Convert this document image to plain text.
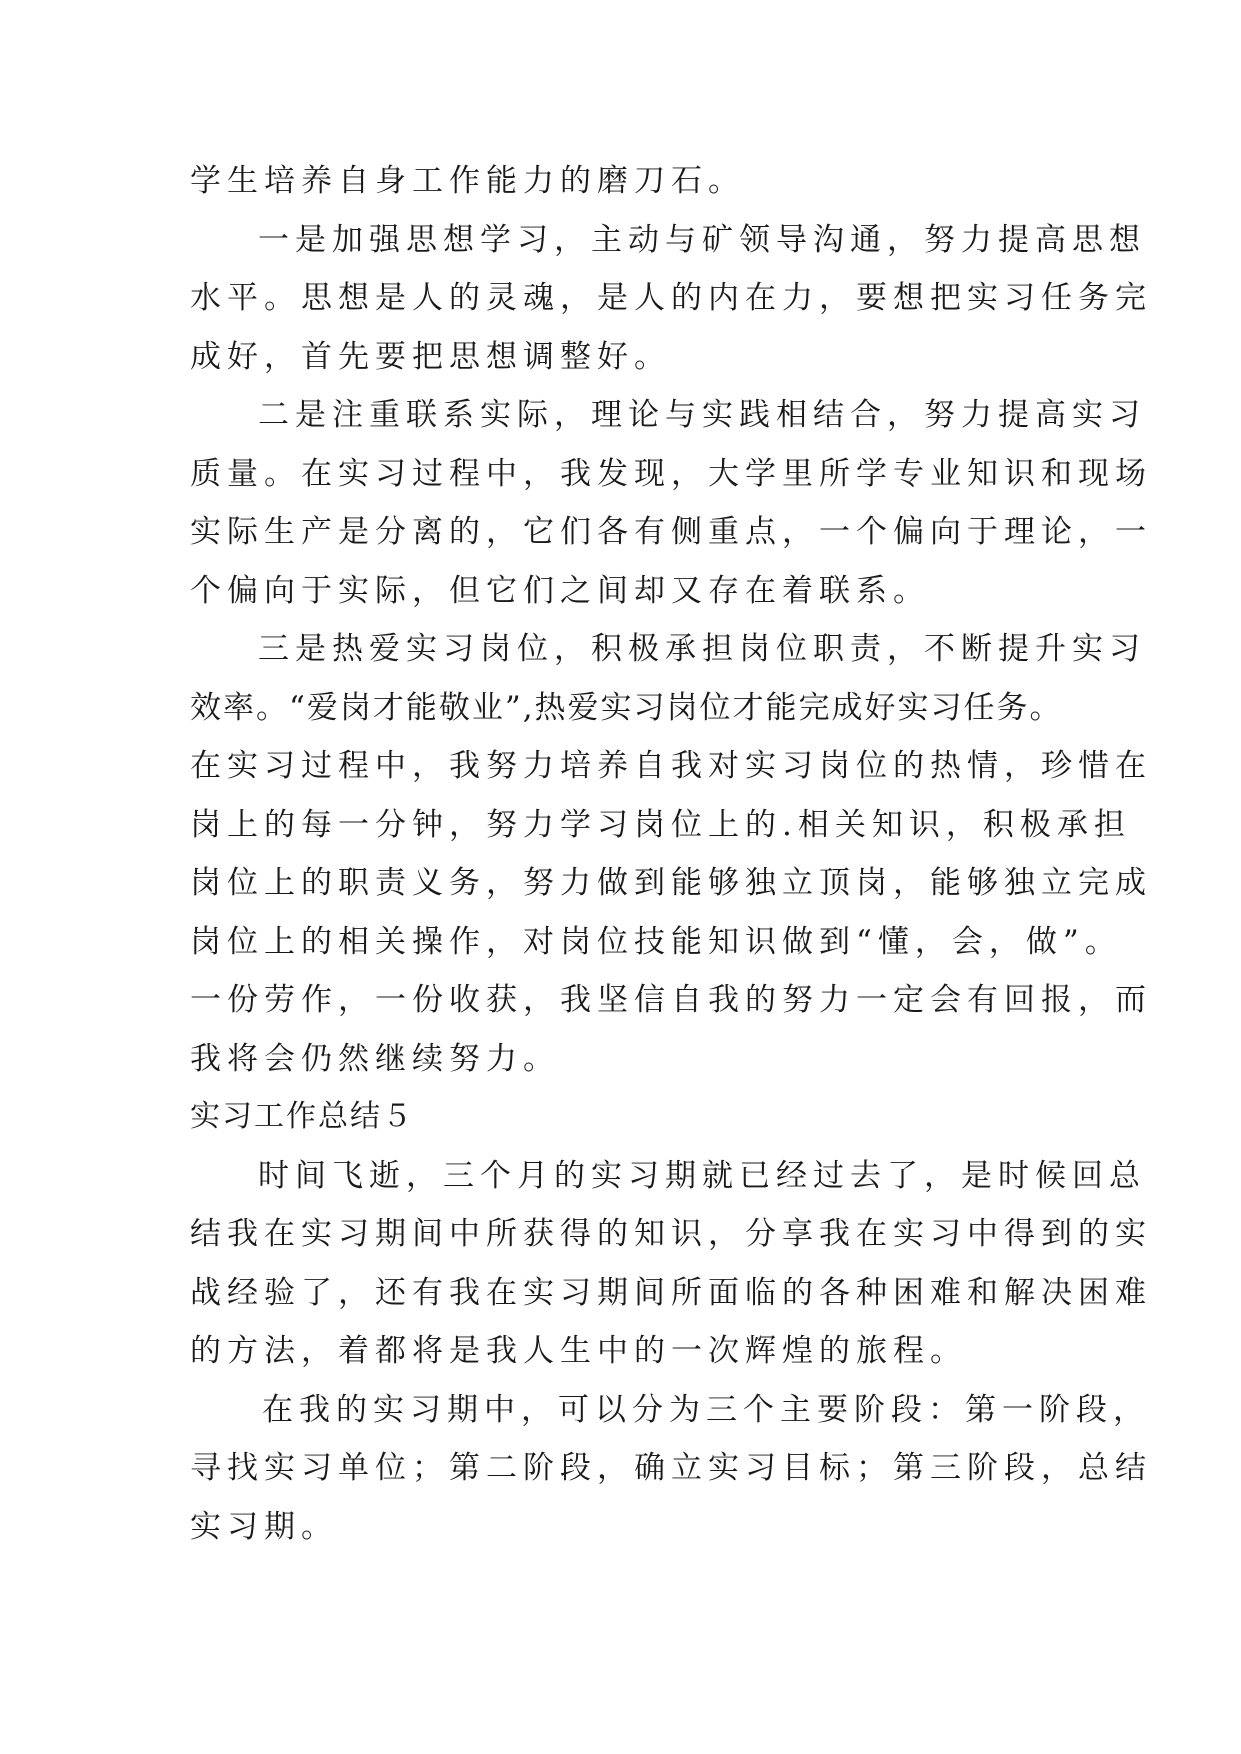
学生培养自身工作能力的磨刀石。
一是加强思想学习，主动与矿领导沟通，努力提高思想
水平。思想是人的灵魂，是人的内在力，要想把实习任务完
成好，首先要把思想调整好。
二是注重联系实际，理论与实践相结合，努力提高实习
质量。在实习过程中，我发现，大学里所学专业知识和现场
实际生产是分离的，它们各有侧重点，一个偏向于理论，一
个偏向于实际，但它们之间却又存在着联系。
三是热爱实习岗位，积极承担岗位职责，不断提升实习
效率。“爱岗才能敬业”,热爱实习岗位才能完成好实习任务。
在实习过程中，我努力培养自我对实习岗位的热情，珍惜在
岗上的每一分钟，努力学习岗位上的.相关知识，积极承担
岗位上的职责义务，努力做到能够独立顶岗，能够独立完成
岗位上的相关操作，对岗位技能知识做到“懂，会，做”。
一份劳作，一份收获，我坚信自我的努力一定会有回报，而
我将会仍然继续努力。
实习工作总结５
时间飞逝，三个月的实习期就已经过去了，是时候回总
结我在实习期间中所获得的知识，分享我在实习中得到的实
战经验了，还有我在实习期间所面临的各种困难和解决困难
的方法，着都将是我人生中的一次辉煌的旅程。
在我的实习期中，可以分为三个主要阶段：第一阶段，
寻找实习单位；第二阶段，确立实习目标；第三阶段，总结
实习期。
